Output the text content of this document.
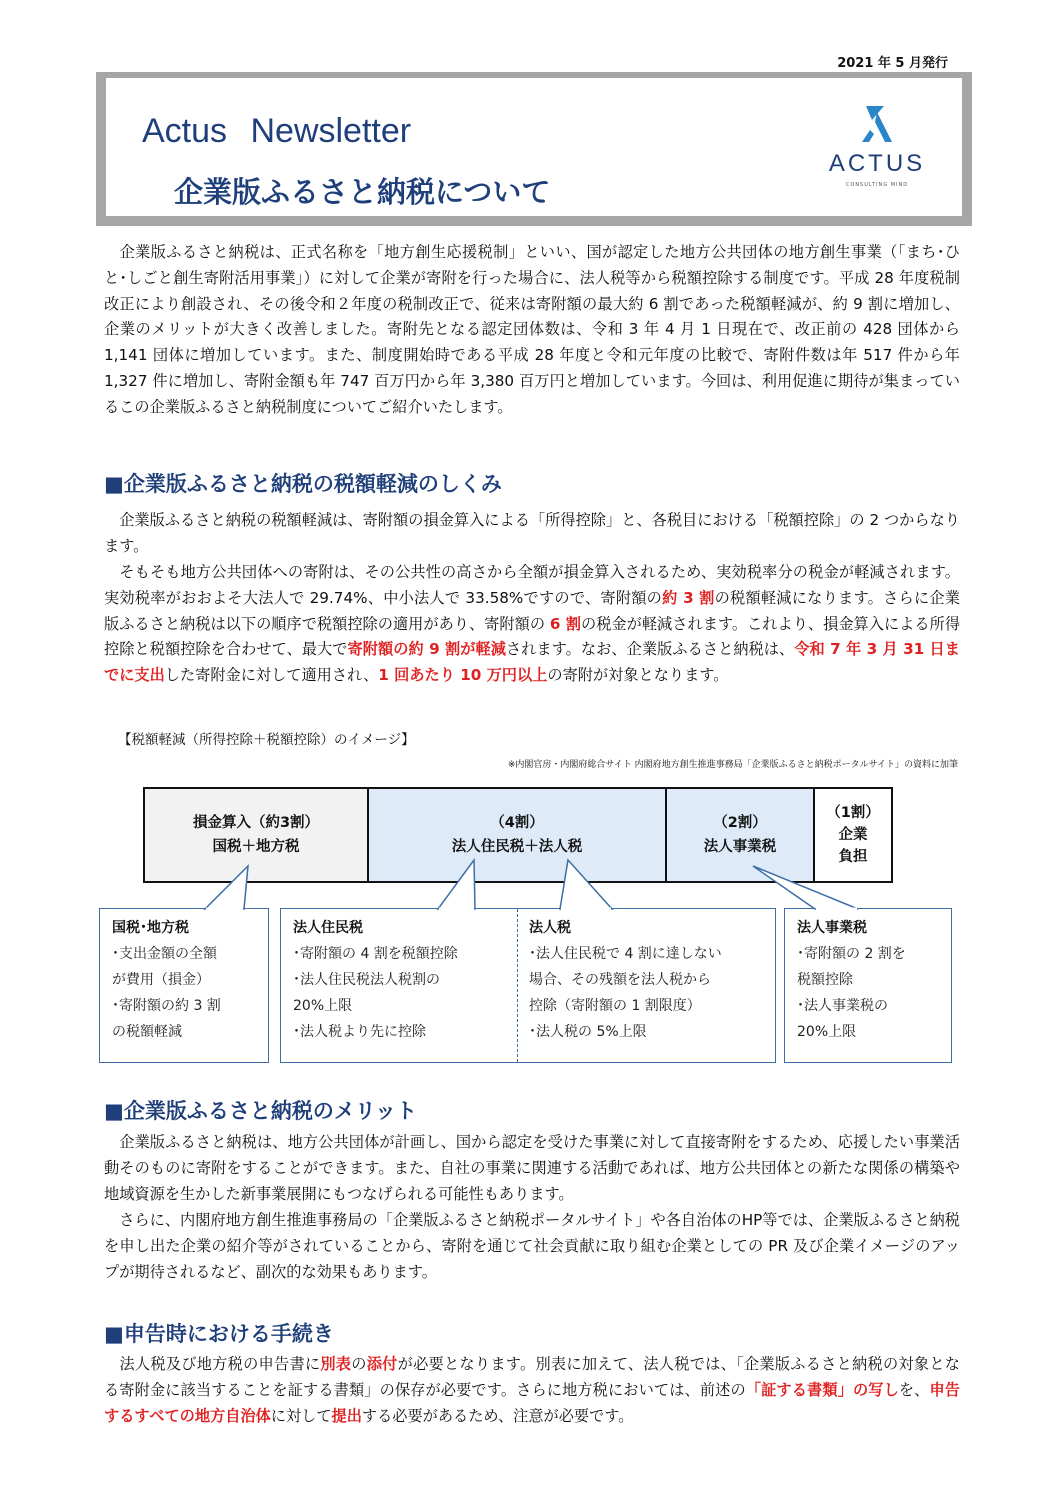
2021 年 5 月発行
Actus Newsletter
企業版ふるさと納税について
ACTUS
CONSULTING MIND

　企業版ふるさと納税は、正式名称を「地方創生応援税制」といい、国が認定した地方公共団体の地方創生事業（「まち･ひと･しごと創生寄附活用事業」）に対して企業が寄附を行った場合に、法人税等から税額控除する制度です。平成 28 年度税制改正により創設され、その後令和２年度の税制改正で、従来は寄附額の最大約 6 割であった税額軽減が、約 9 割に増加し、企業のメリットが大きく改善しました。寄附先となる認定団体数は、令和 3 年 4 月 1 日現在で、改正前の 428 団体から 1,141 団体に増加しています。また、制度開始時である平成 28 年度と令和元年度の比較で、寄附件数は年 517 件から年 1,327 件に増加し、寄附金額も年 747 百万円から年 3,380 百万円と増加しています。今回は、利用促進に期待が集まっているこの企業版ふるさと納税制度についてご紹介いたします。

■企業版ふるさと納税の税額軽減のしくみ

　企業版ふるさと納税の税額軽減は、寄附額の損金算入による「所得控除」と、各税目における「税額控除」の 2 つからなります。

　そもそも地方公共団体への寄附は、その公共性の高さから全額が損金算入されるため、実効税率分の税金が軽減されます。実効税率がおおよそ大法人で 29.74%、中小法人で 33.58%ですので、寄附額の約 3 割の税額軽減になります。さらに企業版ふるさと納税は以下の順序で税額控除の適用があり、寄附額の 6 割の税金が軽減されます。これより、損金算入による所得控除と税額控除を合わせて、最大で寄附額の約 9 割が軽減されます。なお、企業版ふるさと納税は、令和 7 年 3 月 31 日までに支出した寄附金に対して適用され、1 回あたり 10 万円以上の寄附が対象となります。

【税額軽減（所得控除＋税額控除）のイメージ】
※内閣官房・内閣府総合サイト 内閣府地方創生推進事務局「企業版ふるさと納税ポータルサイト」の資料に加筆
損金算入（約3割）
国税＋地方税
（4割）
法人住民税＋法人税
（2割）
法人事業税
（1割）
企業
負担
国税･地方税
･支出金額の全額
が費用（損金）
･寄附額の約 3 割
の税額軽減
法人住民税
･寄附額の 4 割を税額控除
･法人住民税法人税割の
20%上限
･法人税より先に控除
法人税
･法人住民税で 4 割に達しない
場合、その残額を法人税から
控除（寄附額の 1 割限度）
･法人税の 5%上限
法人事業税
･寄附額の 2 割を
税額控除
･法人事業税の
20%上限
■企業版ふるさと納税のメリット

　企業版ふるさと納税は、地方公共団体が計画し、国から認定を受けた事業に対して直接寄附をするため、応援したい事業活動そのものに寄附をすることができます。また、自社の事業に関連する活動であれば、地方公共団体との新たな関係の構築や地域資源を生かした新事業展開にもつなげられる可能性もあります。

　さらに、内閣府地方創生推進事務局の「企業版ふるさと納税ポータルサイト」や各自治体のHP等では、企業版ふるさと納税を申し出た企業の紹介等がされていることから、寄附を通じて社会貢献に取り組む企業としての PR 及び企業イメージのアップが期待されるなど、副次的な効果もあります。

■申告時における手続き

　法人税及び地方税の申告書に別表の添付が必要となります。別表に加えて、法人税では、「企業版ふるさと納税の対象となる寄附金に該当することを証する書類」の保存が必要です。さらに地方税においては、前述の「証する書類」の写しを、申告するすべての地方自治体に対して提出する必要があるため、注意が必要です。
